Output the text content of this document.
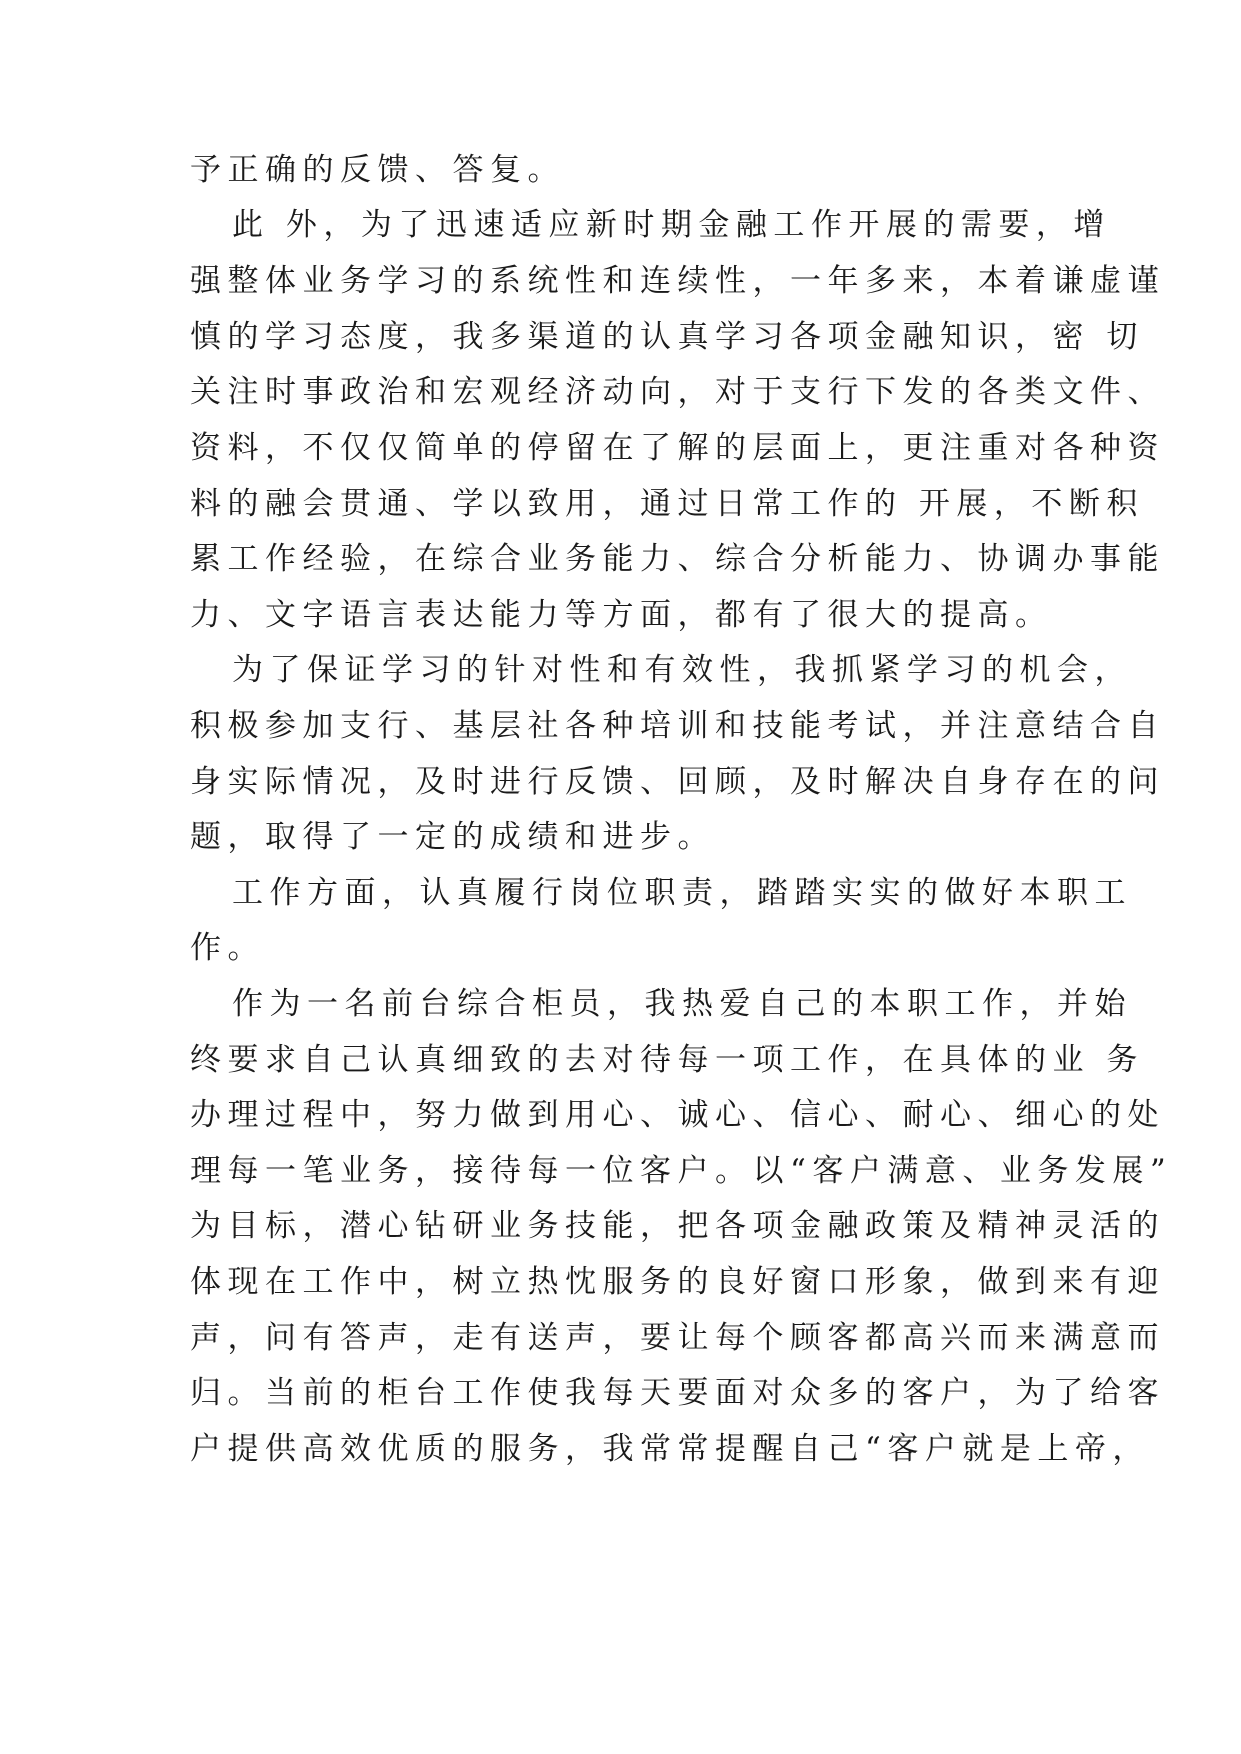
予正确的反馈、答复。
此 外，为了迅速适应新时期金融工作开展的需要，增
强整体业务学习的系统性和连续性，一年多来，本着谦虚谨
慎的学习态度，我多渠道的认真学习各项金融知识，密 切
关注时事政治和宏观经济动向，对于支行下发的各类文件、
资料，不仅仅简单的停留在了解的层面上，更注重对各种资
料的融会贯通、学以致用，通过日常工作的 开展，不断积
累工作经验，在综合业务能力、综合分析能力、协调办事能
力、文字语言表达能力等方面，都有了很大的提高。
为了保证学习的针对性和有效性，我抓紧学习的机会，
积极参加支行、基层社各种培训和技能考试，并注意结合自
身实际情况，及时进行反馈、回顾，及时解决自身存在的问
题，取得了一定的成绩和进步。
工作方面，认真履行岗位职责，踏踏实实的做好本职工
作。
作为一名前台综合柜员，我热爱自己的本职工作，并始
终要求自己认真细致的去对待每一项工作，在具体的业 务
办理过程中，努力做到用心、诚心、信心、耐心、细心的处
理每一笔业务，接待每一位客户。以“客户满意、业务发展”
为目标，潜心钻研业务技能，把各项金融政策及精神灵活的
体现在工作中，树立热忱服务的良好窗口形象，做到来有迎
声，问有答声，走有送声，要让每个顾客都高兴而来满意而
归。当前的柜台工作使我每天要面对众多的客户，为了给客
户提供高效优质的服务，我常常提醒自己“客户就是上帝，
